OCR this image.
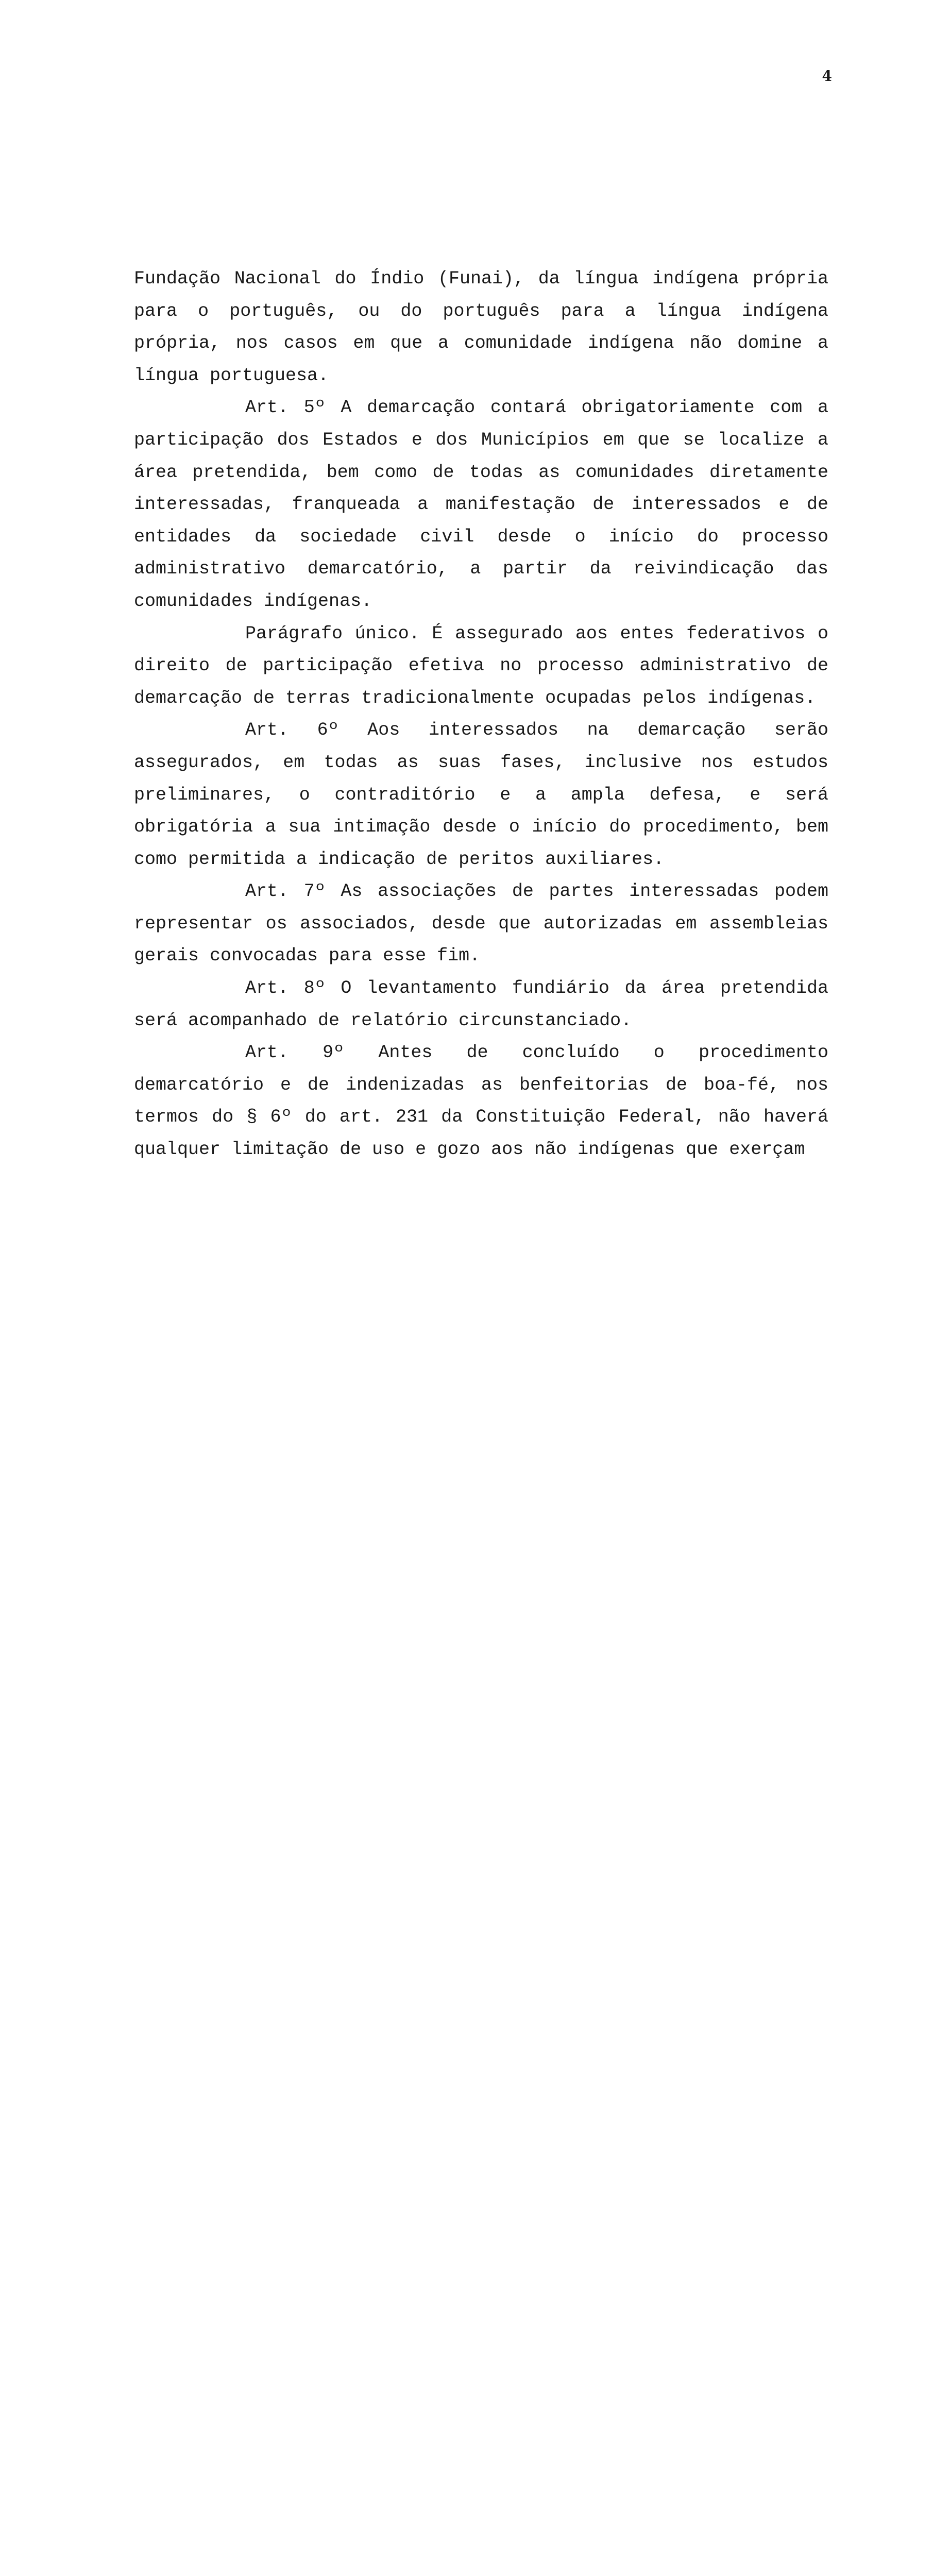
4

Fundação Nacional do Índio (Funai), da língua indígena própria para o português, ou do português para a língua indígena própria, nos casos em que a comunidade indígena não domine a língua portuguesa.

Art. 5º A demarcação contará obrigatoriamente com a participação dos Estados e dos Municípios em que se localize a área pretendida, bem como de todas as comunidades diretamente interessadas, franqueada a manifestação de interessados e de entidades da sociedade civil desde o início do processo administrativo demarcatório, a partir da reivindicação das comunidades indígenas.

Parágrafo único. É assegurado aos entes federativos o direito de participação efetiva no processo administrativo de demarcação de terras tradicionalmente ocupadas pelos indígenas.

Art. 6º Aos interessados na demarcação serão assegurados, em todas as suas fases, inclusive nos estudos preliminares, o contraditório e a ampla defesa, e será obrigatória a sua intimação desde o início do procedimento, bem como permitida a indicação de peritos auxiliares.

Art. 7º As associações de partes interessadas podem representar os associados, desde que autorizadas em assembleias gerais convocadas para esse fim.

Art. 8º O levantamento fundiário da área pretendida será acompanhado de relatório circunstanciado.

Art. 9º Antes de concluído o procedimento demarcatório e de indenizadas as benfeitorias de boa-fé, nos termos do § 6º do art. 231 da Constituição Federal, não haverá qualquer limitação de uso e gozo aos não indígenas que exerçam
